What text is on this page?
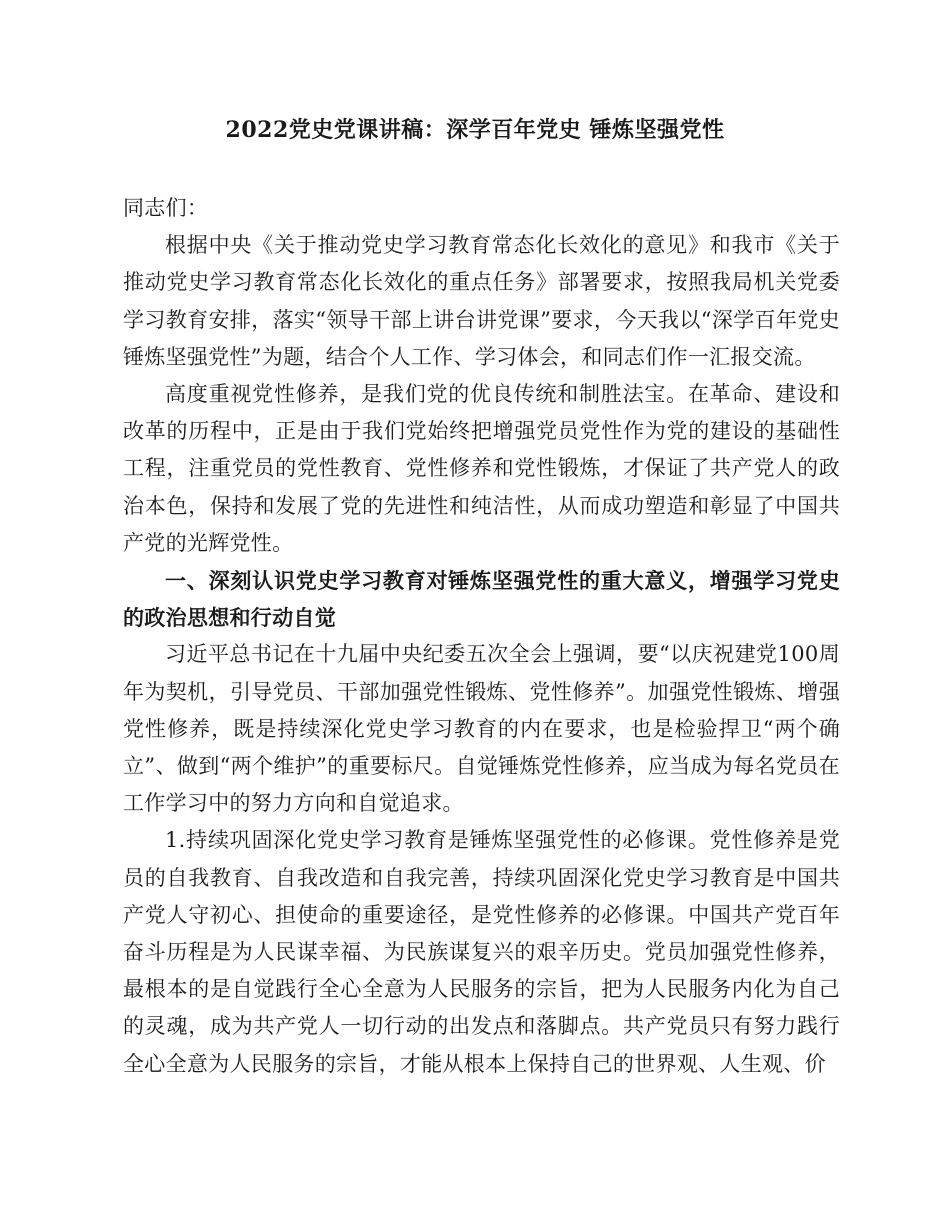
2022党史党课讲稿：深学百年党史 锤炼坚强党性

同志们：

根据中央《关于推动党史学习教育常态化长效化的意见》和我市《关于推动党史学习教育常态化长效化的重点任务》部署要求，按照我局机关党委学习教育安排，落实“领导干部上讲台讲党课”要求，今天我以“深学百年党史 锤炼坚强党性”为题，结合个人工作、学习体会，和同志们作一汇报交流。

高度重视党性修养，是我们党的优良传统和制胜法宝。在革命、建设和改革的历程中，正是由于我们党始终把增强党员党性作为党的建设的基础性工程，注重党员的党性教育、党性修养和党性锻炼，才保证了共产党人的政治本色，保持和发展了党的先进性和纯洁性，从而成功塑造和彰显了中国共产党的光辉党性。

一、深刻认识党史学习教育对锤炼坚强党性的重大意义，增强学习党史的政治思想和行动自觉

习近平总书记在十九届中央纪委五次全会上强调，要“以庆祝建党100周年为契机，引导党员、干部加强党性锻炼、党性修养”。加强党性锻炼、增强党性修养，既是持续深化党史学习教育的内在要求，也是检验捍卫“两个确立”、做到“两个维护”的重要标尺。自觉锤炼党性修养，应当成为每名党员在工作学习中的努力方向和自觉追求。

1.持续巩固深化党史学习教育是锤炼坚强党性的必修课。党性修养是党员的自我教育、自我改造和自我完善，持续巩固深化党史学习教育是中国共产党人守初心、担使命的重要途径，是党性修养的必修课。中国共产党百年奋斗历程是为人民谋幸福、为民族谋复兴的艰辛历史。党员加强党性修养，最根本的是自觉践行全心全意为人民服务的宗旨，把为人民服务内化为自己的灵魂，成为共产党人一切行动的出发点和落脚点。共产党员只有努力践行全心全意为人民服务的宗旨，才能从根本上保持自己的世界观、人生观、价
